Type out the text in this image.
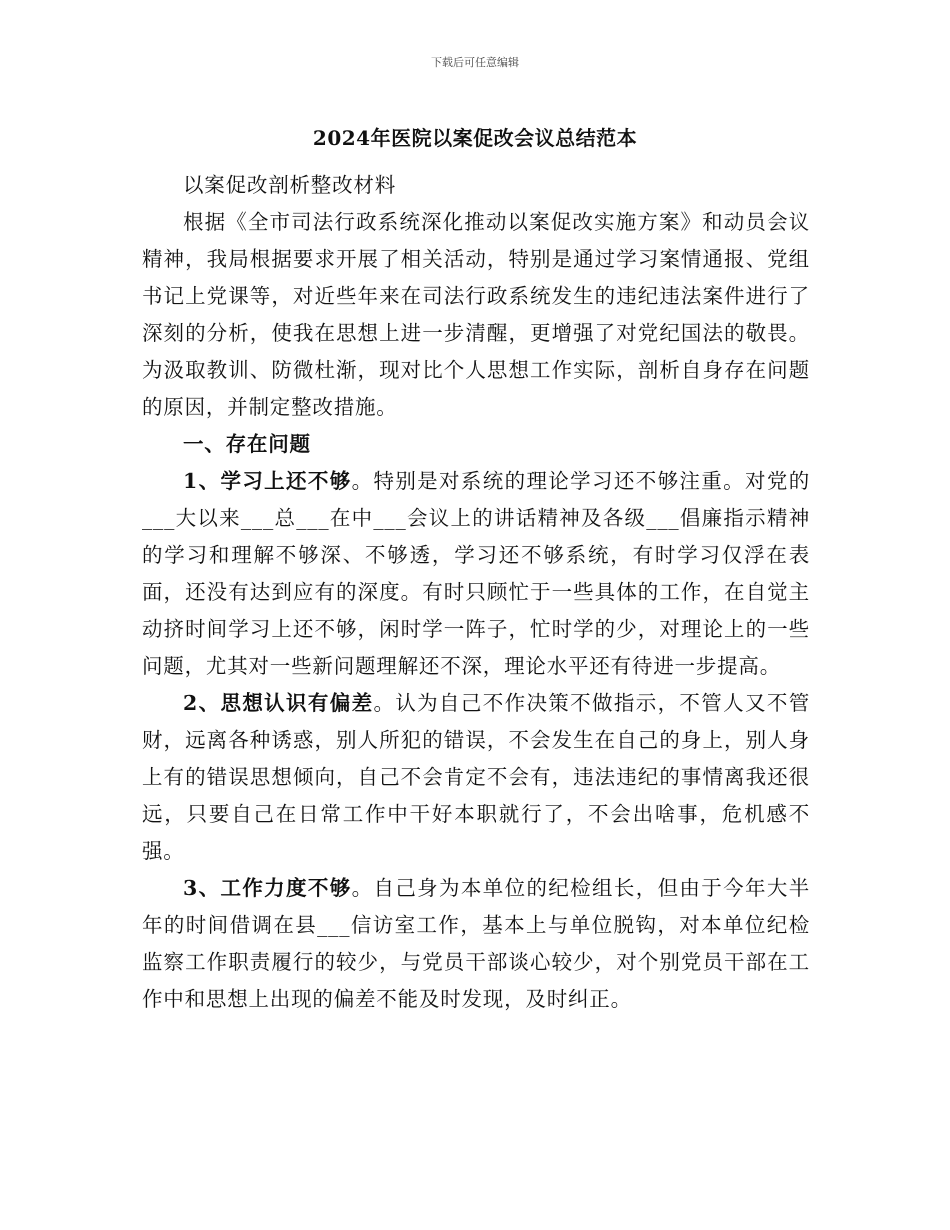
下载后可任意编辑
2024年医院以案促改会议总结范本

以案促改剖析整改材料

根据《全市司法行政系统深化推动以案促改实施方案》和动员会议精神，我局根据要求开展了相关活动，特别是通过学习案情通报、党组书记上党课等，对近些年来在司法行政系统发生的违纪违法案件进行了深刻的分析，使我在思想上进一步清醒，更增强了对党纪国法的敬畏。为汲取教训、防微杜渐，现对比个人思想工作实际，剖析自身存在问题的原因，并制定整改措施。

一、存在问题

1、学习上还不够。特别是对系统的理论学习还不够注重。对党的___大以来___总___在中___会议上的讲话精神及各级___倡廉指示精神的学习和理解不够深、不够透，学习还不够系统，有时学习仅浮在表面，还没有达到应有的深度。有时只顾忙于一些具体的工作，在自觉主动挤时间学习上还不够，闲时学一阵子，忙时学的少，对理论上的一些问题，尤其对一些新问题理解还不深，理论水平还有待进一步提高。

2、思想认识有偏差。认为自己不作决策不做指示，不管人又不管财，远离各种诱惑，别人所犯的错误，不会发生在自己的身上，别人身上有的错误思想倾向，自己不会肯定不会有，违法违纪的事情离我还很远，只要自己在日常工作中干好本职就行了，不会出啥事，危机感不强。

3、工作力度不够。自己身为本单位的纪检组长，但由于今年大半年的时间借调在县___信访室工作，基本上与单位脱钩，对本单位纪检监察工作职责履行的较少，与党员干部谈心较少，对个别党员干部在工作中和思想上出现的偏差不能及时发现，及时纠正。
